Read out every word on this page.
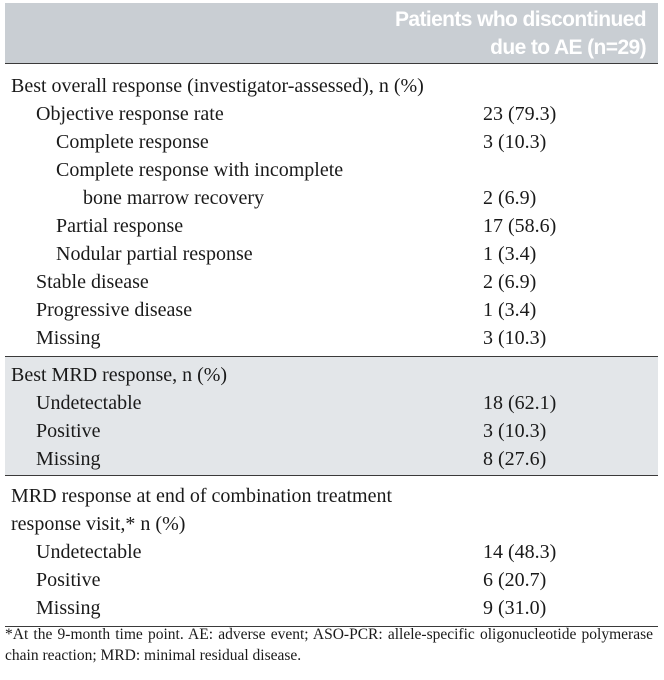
Patients who discontinued
due to AE (n=29)
Best overall response (investigator-assessed), n (%)
Objective response rate	23 (79.3)
Complete response	3 (10.3)
Complete response with incomplete
bone marrow recovery	2 (6.9)
Partial response	17 (58.6)
Nodular partial response	1 (3.4)
Stable disease	2 (6.9)
Progressive disease	1 (3.4)
Missing	3 (10.3)
Best MRD response, n (%)
Undetectable	18 (62.1)
Positive	3 (10.3)
Missing	8 (27.6)
MRD response at end of combination treatment
response visit,* n (%)
Undetectable	14 (48.3)
Positive	6 (20.7)
Missing	9 (31.0)
*At the 9-month time point. AE: adverse event; ASO-PCR: allele-specific oligonucleotide polymerase chain reaction; MRD: minimal residual disease.
